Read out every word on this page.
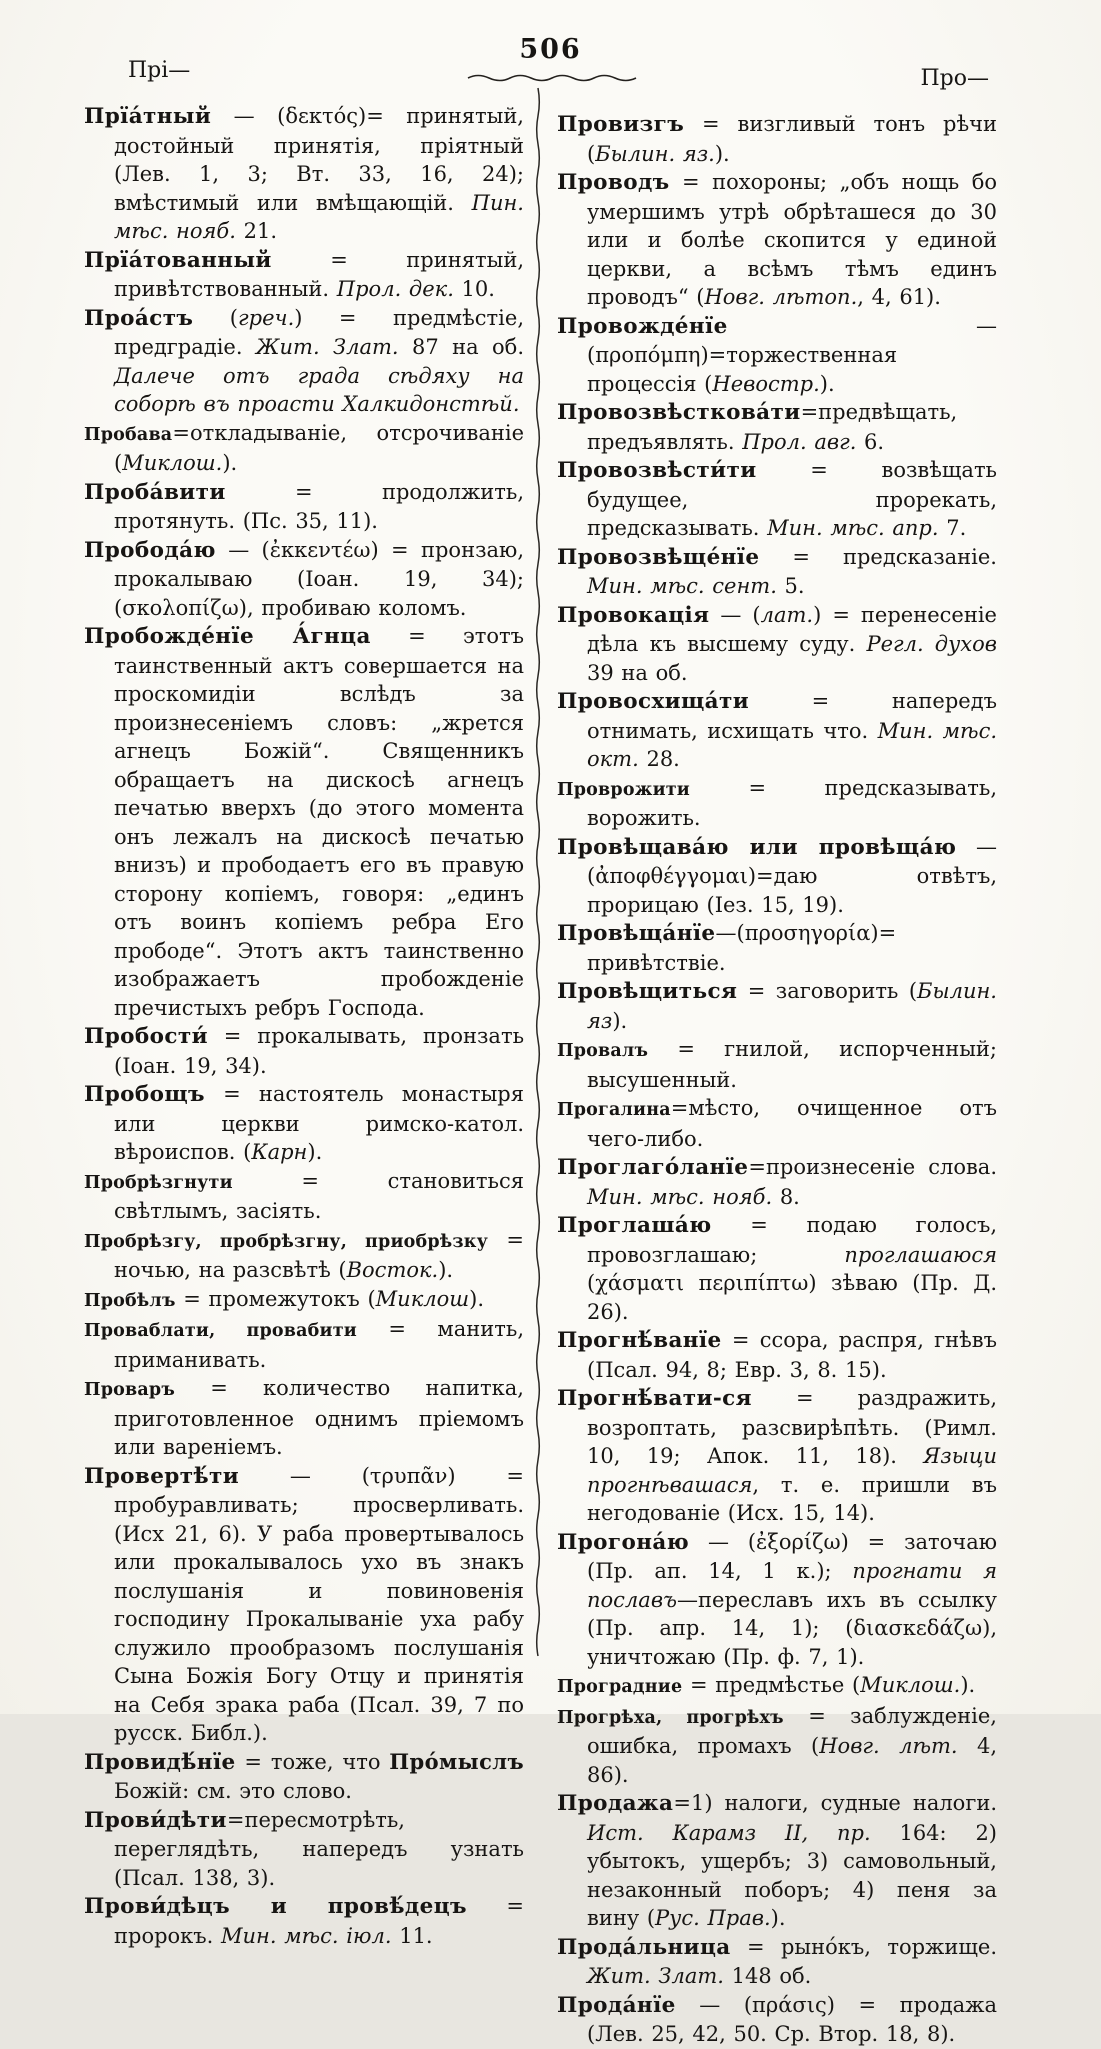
506
Прі—	Про—

Прїа́тный — (δεκτός)= принятый, достойный принятія, пріятный (Лев. 1, 3; Вт. 33, 16, 24); вмѣстимый или вмѣщающій. Пин. мѣс. нояб. 21.

Прїа́тованный = принятый, привѣтствованный. Прол. дек. 10.

Проа́стъ (греч.) = предмѣстіе, предградіе. Жит. Злат. 87 на об. Далече отъ града сѣдяху на соборѣ въ проасти Халкидонстѣй.

Пробава=откладываніе, отсрочиваніе (Миклош.).

Проба́вити = продолжить, протянуть. (Пс. 35, 11).

Пробода́ю — (ἐκκεντέω) = пронзаю, прокалываю (Іоан. 19, 34); (σκολοπίζω), пробиваю коломъ.

Пробожде́нїе А́гнца = этотъ таинственный актъ совершается на проскомидіи вслѣдъ за произнесеніемъ словъ: „жрется агнецъ Божій“. Священникъ обращаетъ на дискосѣ агнецъ печатью вверхъ (до этого момента онъ лежалъ на дискосѣ печатью внизъ) и прободаетъ его въ правую сторону копіемъ, говоря: „единъ отъ воинъ копіемъ ребра Его прободе“. Этотъ актъ таинственно изображаетъ пробожденіе пречистыхъ ребръ Господа.

Пробости́ = прокалывать, пронзать (Іоан. 19, 34).

Пробощъ = настоятель монастыря или церкви римско-катол. вѣроиспов. (Карн).

Пробрѣзгнути = становиться свѣтлымъ, засіять.

Пробрѣзгу, пробрѣзгну, приобрѣзку = ночью, на разсвѣтѣ (Восток.).

Пробѣлъ = промежутокъ (Миклош).

Проваблати, провабити = манить, приманивать.

Проваръ = количество напитка, приготовленное однимъ пріемомъ или вареніемъ.

Провертѣ́ти — (τρυπᾶν) = пробуравливать; просверливать. (Исх 21, 6). У раба провертывалось или прокалывалось ухо въ знакъ послушанія и повиновенія господину Прокалываніе уха рабу служило прообразомъ послушанія Сына Божія Богу Отцу и принятія на Себя зрака раба (Псал. 39, 7 по русск. Библ.).

Провидѣ́нїе = тоже, что Про́мыслъ Божій: см. это слово.

Прови́дѣти=пересмотрѣть, переглядѣть, напередъ узнать (Псал. 138, 3).

Прови́дѣцъ и провѣ́децъ = пророкъ. Мин. мѣс. іюл. 11.

Провизгъ = визгливый тонъ рѣчи (Былин. яз.).

Проводъ = похороны; „объ нощь бо умершимъ утрѣ обрѣташеся до 30 или и болѣе скопится у единой церкви, а всѣмъ тѣмъ единъ проводъ“ (Новг. лѣтоп., 4, 61).

Провожде́нїе — (προπόμπη)=торжественная процессія (Невостр.).

Провозвѣсткова́ти=предвѣщать, предъявлять. Прол. авг. 6.

Провозвѣсти́ти = возвѣщать будущее, прорекать, предсказывать. Мин. мѣс. апр. 7.

Провозвѣще́нїе = предсказаніе. Мин. мѣс. сент. 5.

Провокація — (лат.) = перенесеніе дѣла къ высшему суду. Регл. духов 39 на об.

Провосхища́ти = напередъ отнимать, исхищать что. Мин. мѣс. окт. 28.

Проврожити = предсказывать, ворожить.

Провѣщава́ю или провѣща́ю — (ἀποφθέγγομαι)=даю отвѣтъ, прорицаю (Іез. 15, 19).

Провѣща́нїе—(προσηγορία)= привѣтствіе.

Провѣщиться = заговорить (Былин. яз).

Провалъ = гнилой, испорченный; высушенный.

Прогалина=мѣсто, очищенное отъ чего-либо.

Проглаго́ланїе=произнесеніе слова. Мин. мѣс. нояб. 8.

Проглаша́ю = подаю голосъ, провозглашаю; проглашаюся (χάσματι περιπίπτω) зѣваю (Пр. Д. 26).

Прогнѣ́ванїе = ссора, распря, гнѣвъ (Псал. 94, 8; Евр. 3, 8. 15).

Прогнѣ́вати-ся = раздражить, возроптать, разсвирѣпѣть. (Римл. 10, 19; Апок. 11, 18). Языци прогнѣвашася, т. е. пришли въ негодованіе (Исх. 15, 14).

Прогона́ю — (ἐξορίζω) = заточаю (Пр. ап. 14, 1 к.); прогнати я пославъ—переславъ ихъ въ ссылку (Пр. апр. 14, 1); (διασκεδάζω), уничтожаю (Пр. ф. 7, 1).

Проградние = предмѣстье (Миклош.).

Прогрѣха, прогрѣхъ = заблужденіе, ошибка, промахъ (Новг. лѣт. 4, 86).

Продажа=1) налоги, судные налоги. Ист. Карамз II, пр. 164: 2) убытокъ, ущербъ; 3) самовольный, незаконный поборъ; 4) пеня за вину (Рус. Прав.).

Прода́льница = рыно́къ, торжище. Жит. Злат. 148 об.

Прода́нїе — (πράσις) = продажа (Лев. 25, 42, 50. Ср. Втор. 18, 8).
